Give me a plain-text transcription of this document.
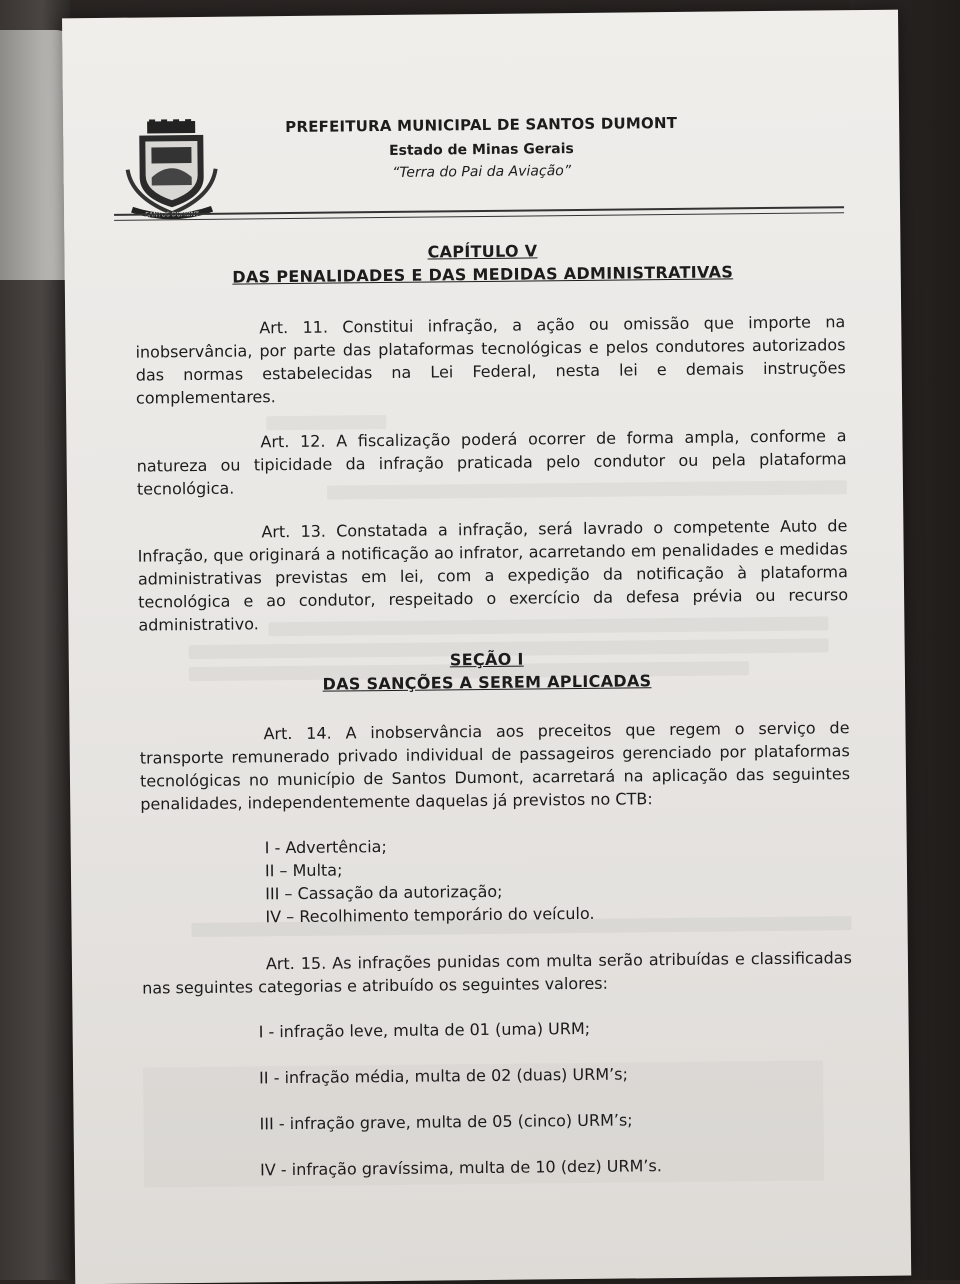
SANTOS DUMONT
PREFEITURA MUNICIPAL DE SANTOS DUMONT
Estado de Minas Gerais
“Terra do Pai da Aviação”
CAPÍTULO V
DAS PENALIDADES E DAS MEDIDAS ADMINISTRATIVAS
Art. 11. Constitui infração, a ação ou omissão que importe na inobservância, por parte das plataformas tecnológicas e pelos condutores autorizados das normas estabelecidas na Lei Federal, nesta lei e demais instruções complementares.
Art. 12. A fiscalização poderá ocorrer de forma ampla, conforme a natureza ou tipicidade da infração praticada pelo condutor ou pela plataforma tecnológica.
Art. 13. Constatada a infração, será lavrado o competente Auto de Infração, que originará a notificação ao infrator, acarretando em penalidades e medidas administrativas previstas em lei, com a expedição da notificação à plataforma tecnológica e ao condutor, respeitado o exercício da defesa prévia ou recurso administrativo.
SEÇÃO I
DAS SANÇÕES A SEREM APLICADAS
Art. 14. A inobservância aos preceitos que regem o serviço de transporte remunerado privado individual de passageiros gerenciado por plataformas tecnológicas no município de Santos Dumont, acarretará na aplicação das seguintes penalidades, independentemente daquelas já previstos no CTB:
I - Advertência;
II – Multa;
III – Cassação da autorização;
IV – Recolhimento temporário do veículo.
Art. 15. As infrações punidas com multa serão atribuídas e classificadas nas seguintes categorias e atribuído os seguintes valores:
I - infração leve, multa de 01 (uma) URM;
II - infração média, multa de 02 (duas) URM’s;
III - infração grave, multa de 05 (cinco) URM’s;
IV - infração gravíssima, multa de 10 (dez) URM’s.
